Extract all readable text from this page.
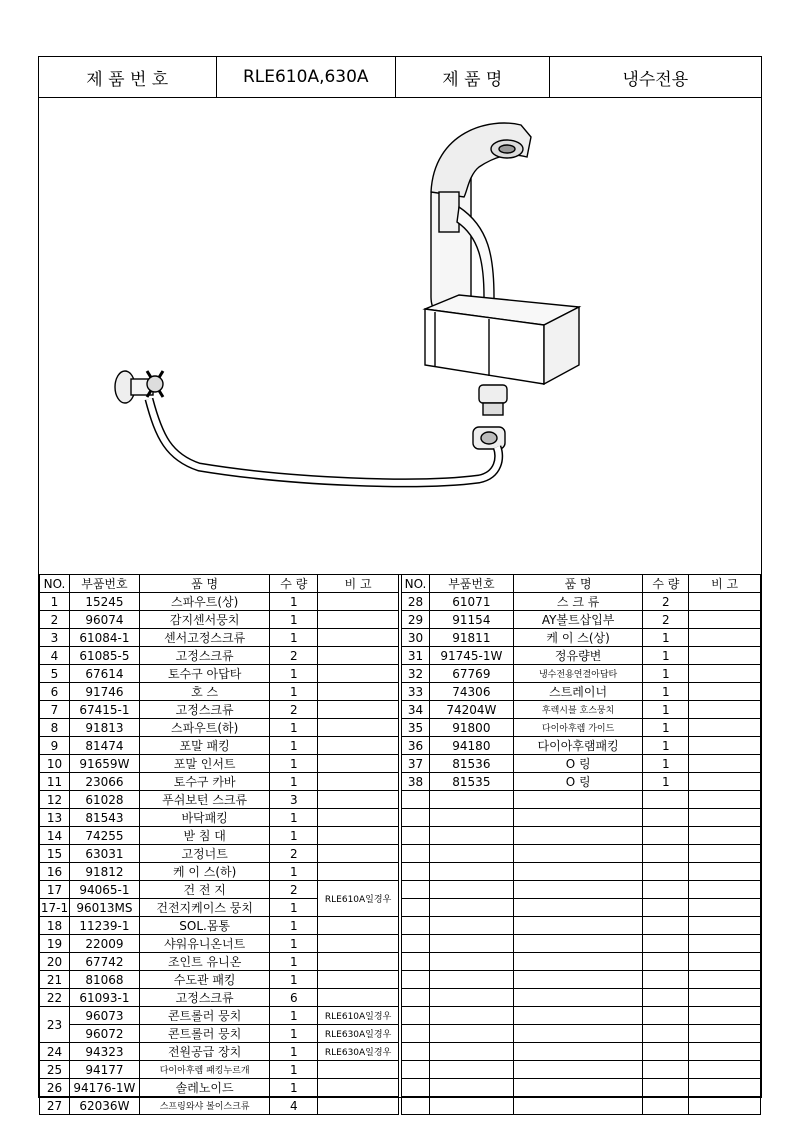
제 품 번 호	RLE610A,630A	제 품 명	냉수전용
NO.	부품번호	품 명	수 량	비 고
1	15245	스파우트(상)	1	
2	96074	감지센서뭉치	1	
3	61084-1	센서고정스크류	1	
4	61085-5	고정스크류	2	
5	67614	토수구 아답타	1	
6	91746	호 스	1	
7	67415-1	고정스크류	2	
8	91813	스파우트(하)	1	
9	81474	포말 패킹	1	
10	91659W	포말 인서트	1	
11	23066	토수구 카바	1	
12	61028	푸쉬보턴 스크류	3	
13	81543	바닥패킹	1	
14	74255	받 침 대	1	
15	63031	고정너트	2	
16	91812	케 이 스(하)	1	
17	94065-1	건 전 지	2	RLE610A일경우
17-1	96013MS	건전지케이스 뭉치	1	
18	11239-1	SOL.몸통	1	
19	22009	샤워유니온너트	1	
20	67742	조인트 유니온	1	
21	81068	수도관 패킹	1	
22	61093-1	고정스크류	6	
23	96073	콘트롤러 뭉치	1	RLE610A일경우
	96072	콘트롤러 뭉치	1	RLE630A일경우
24	94323	전원공급 장치	1	RLE630A일경우
25	94177	다이아후렘 패킹누르개	1	
26	94176-1W	솔레노이드	1	
27	62036W	스프링와샤 볼이스크류	4	
NO.	부품번호	품 명	수 량	비 고
28	61071	스 크 류	2	
29	91154	AY볼트삽입부	2	
30	91811	케 이 스(상)	1	
31	91745-1W	정유량변	1	
32	67769	냉수전용연결아답타	1	
33	74306	스트레이너	1	
34	74204W	후렉시블 호스뭉치	1	
35	91800	다이아후렘 가이드	1	
36	94180	다이아후램패킹	1	
37	81536	O 링	1	
38	81535	O 링	1	
